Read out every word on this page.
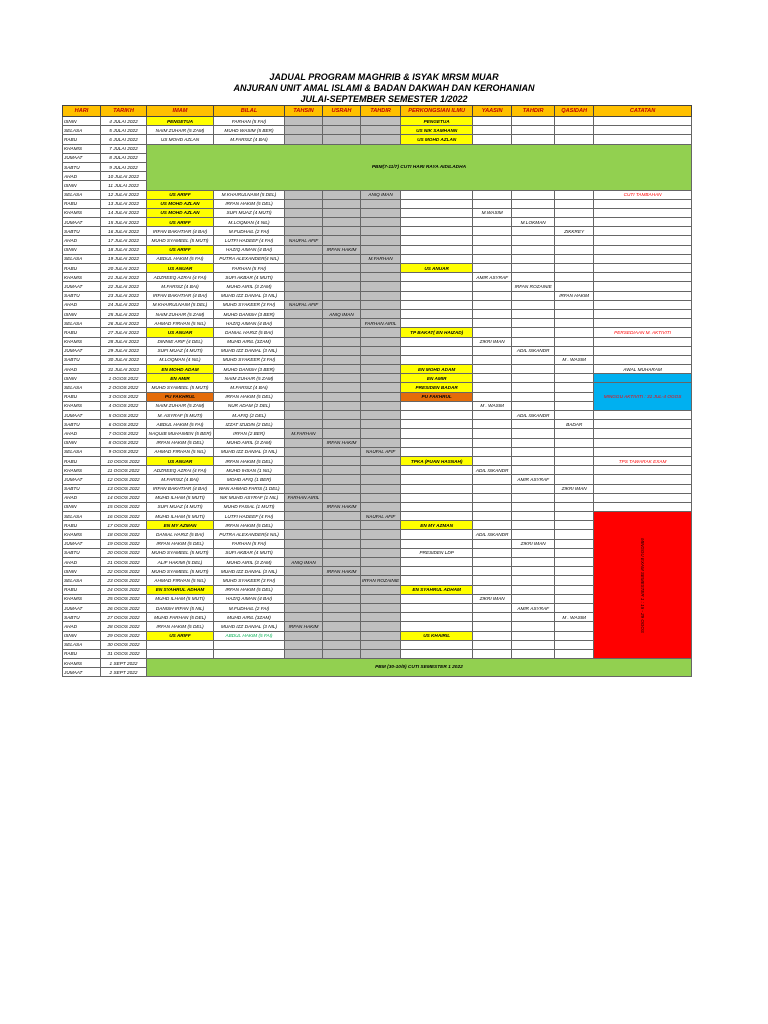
JADUAL PROGRAM MAGHRIB & ISYAK MRSM MUAR
ANJURAN UNIT AMAL ISLAMI & BADAN DAKWAH DAN KEROHANIAN
JULAI-SEPTEMBER SEMESTER 1/2022
HARI	TARIKH	IMAM	BILAL	TAHSIN	USRAH	TAHDIR	PERKONGSIAN ILMU	YAASIN	TAHDIR	QASIDAH	CATATAN
ISNIN	4 JULAI 2022	PENGETUA	FARHAN (5 FAI)				PENGETUA				
SELASA	5 JULAI 2022	NAIM ZUHAIR (5 ZAM)	MUHD WASIM (5 BER)				US NIK SAMHANN				
RABU	6 JULAI 2022	US MOHD AZLAN	M.FARISZ (4 BAI)				US MOHD AZLAN				
KHAMIS	7 JULAI 2022	PBM(7-11/7) CUTI HARI RAYA AIDILADHA									
JUMAAT	8 JULAI 2022										
SABTU	9 JULAI 2022										
AHAD	10 JULAI 2022										
ISNIN	11 JULAI 2022										
SELASA	12 JULAI 2022	US ARIFF	M.KHAIRULNAIM (5 DEL)			ANIQ IMAN					CUTI TAMBAHAN
RABU	13 JULAI 2022	US MOHD AZLAN	IRFAN HAKIM (5 DEL)								
KHAMIS	14 JULAI 2022	US MOHD AZLAN	SUFI MUAZ (4 MUTI)					M.WASIM			
JUMAAT	15 JULAI 2022	US ARIFF	M.LOQMAN (4 NIL)						M.LOKMAN		
SABTU	16 JULAI 2022	IRFAN BAKHTIAR (4 BAI)	M.FUDHAIL (2 FAI)							ZIKKREY	
AHAD	17 JULAI 2022	MUHD SYAMEEL (5 MUTI)	LUTFI HADEEF (4 FAI)	NAUFAL AFIF							
ISNIN	18 JULAI 2022	US ARIFF	HAZIQ AIMAN (4 BAI)		IRFAN HAKIM						
SELASA	19 JULAI 2022	ABDUL HAKIM (5 FAI)	PUTRA ALEXANDER(4 NIL)			M.FARHAN					
RABU	20 JULAI 2022	US ANUAR	FARHAN (5 FAI)				US ANUAR				
KHAMIS	21 JULAI 2022	ADZREEQ AZRAI (4 FAI)	SUFI AKBAR (4 MUTI)					AMIR ASYRAF			
JUMAAT	22 JULAI 2022	M.FARISZ (4 BAI)	MUHD AIRIL (3 ZAM)						IRFAN ROZAINIE		
SABTU	23 JULAI 2022	IRFAN BAKHTIAR (4 BAI)	MUHD IZZ DANIAL (3 NIL)							IRFAN HAKIM	
AHAD	24 JULAI 2022	M.KHAIRULNAIM (5 DEL)	MUHD SYAKEER (3 FAI)	NAUFAL AFIF							
ISNIN	25 JULAI 2022	NAIM ZUHAIR (5 ZAM)	MUHD DANISH (3 BER)		ANIQ IMAN						
SELASA	26 JULAI 2022	AHMAD FIRHAN (5 NIL)	HAZIQ AIMAN (4 BAI)			FARHAN AIRIL					
RABU	27 JULAI 2022	US ANUAR	DANIAL HARIZ (5 BAI)				TP BAKAT( EN HAIZAD)				PERSEDIAAN M. AKTIVITI
KHAMIS	28 JULAI 2022	DINNIE ARIF (4 DEL)	MUHD AIRIL (3ZAM)					ZIKRI IMAN			
JUMAAT	29 JULAI 2022	SUFI MUAZ (4 MUTI)	MUHD IZZ DANIAL (3 NIL)						ADIL ISKANDR		
SABTU	30 JULAI 2022	M.LOQMAN (4 NIL)	MUHD SYAKEER (3 FAI)							M . WASIM	
AHAD	31 JULAI 2022	EN MOHD ADAM	MUHD DANISH (3 BER)				EN MOHD ADAM				AWAL MUHARAM
ISNIN	1 OGOS 2022	EN AMIR	NAIM ZUHAIR (5 ZAM)				EN AMIR				
SELASA	2 OGOS 2022	MUHD SYAMEEL (5 MUTI)	M.FARISZ (4 BAI)				PRESIDEN BADAR				MINGGU AKTIVITI : 31 JUL-4 OGOS
RABU	3 OGOS 2022	PU FAKHRUL	IRFAN HAKIM (5 DEL)				PU FAKHRUL				
KHAMIS	4 OGOS 2022	NAIM ZUHAIR (5 ZAM)	NUR ADAM (2 DEL)					M . WASIM			
JUMAAT	5 OGOS 2022	M. ASYRAF (5 MUTI)	M.AFIQ (2 DEL)						ADIL ISKANDR		
SABTU	6 OGOS 2022	ABDUL HAKIM (5 FAI)	IZZAT IZUDIN (2 DEL)							BADAR	
AHAD	7 OGOS 2022	NAQUIB MUHAIMEN (5 BER)	IRFAN (2 BER)	M.FARHAN							
ISNIN	8 OGOS 2022	IRFAN HAKIM (5 DEL)	MUHD AIRIL (3 ZAM)		IRFAN HAKIM						
SELASA	9 OGOS 2022	AHMAD FIRHAN (5 NIL)	MUHD IZZ DANIAL (3 NIL)			NAUFAL AFIF					
RABU	10 OGOS 2022	US ANUAR	IRFAN HAKIM (5 DEL)				TPKA (PUAN HASNAH)				TPS TAWARAK EXAM
KHAMIS	11 OGOS 2022	ADZREEQ AZRAI (4 FAI)	MUHD IHSAN (1 NIL)					ADIL ISKANDR			
JUMAAT	12 OGOS 2022	M.FARISZ (4 BAI)	MOHD AFIQ (1 BER)						AMIR ASYRAF		
SABTU	13 OGOS 2022	IRFAN BAKHTIAR (4 BAI)	WAN AHMAD FARIS (1 DEL)							ZIKRI IMAN	
AHAD	14 OGOS 2022	MUHD ILHAM (5 MUTI)	NIK MUHD ASYRAF (1 NIL)	FARHAN AIRIL							
ISNIN	15 OGOS 2022	SUFI MUAZ (4 MUTI)	MUHD FAISAL (1 MUTI)		IRFAN HAKIM						
SELASA	16 OGOS 2022	MUHD ILHAM (5 MUTI)	LUTFI HADEEF (4 FAI)			NAUFAL AFIF					MINGGU EXAM SEMESTER 1 : 15 - 29 OGOS
RABU	17 OGOS 2022	EN MY AZMAN	IRFAN HAKIM (5 DEL)				EN MY AZMAN				
KHAMIS	18 OGOS 2022	DANIAL HARIZ (5 BAI)	PUTRA ALEXANDER(4 NIL)					ADIL ISKANDR			
JUMAAT	19 OGOS 2022	IRFAN HAKIM (5 DEL)	FARHAN (5 FAI)						ZIKRI IMAN		
SABTU	20 OGOS 2022	MUHD SYAMEEL (5 MUTI)	SUFI AKBAR (4 MUTI)				PRESIDEN LDP				
AHAD	21 OGOS 2022	ALIF HAKIMI (5 DEL)	MUHD AIRIL (3 ZAM)	ANIQ IMAN							
ISNIN	22 OGOS 2022	MUHD SYAMEEL (5 MUTI)	MUHD IZZ DANIAL (3 NIL)		IRFAN HAKIM						
SELASA	23 OGOS 2022	AHMAD FIRHAN (5 NIL)	MUHD SYAKEER (3 FAI)			IRFAN ROZAINIE					
RABU	24 OGOS 2022	EN SYAHRUL ADHAM	IRFAN HAKIM (5 DEL)				EN SYAHRUL ADHAM				
KHAMIS	25 OGOS 2022	MUHD ILHAM (5 MUTI)	HAZIQ AIMAN (4 BAI)					ZIKRI IMAN			
JUMAAT	26 OGOS 2022	DANISH IRFAN (5 NIL)	M.FUDHAIL (2 FAI)						AMIR ASYRAF		
SABTU	27 OGOS 2022	MUHD FARHAN (5 DEL)	MUHD AIRIL (3ZAM)							M . WASIM	
AHAD	28 OGOS 2022	IRFAN HAKIM (5 DEL)	MUHD IZZ DANIAL (3 NIL)	IRFAN HAKIM							
ISNIN	29 OGOS 2022	US ARIFF	ABDUL HAKIM (5 FAI)				US KHAIRIL				
SELASA	30 OGOS 2022										
RABU	31 OGOS 2022										
KHAMIS	1 SEPT 2022	PBM (30-10/9) CUTI SEMESTER 1 2022									
JUMAAT	2 SEPT 2022										
